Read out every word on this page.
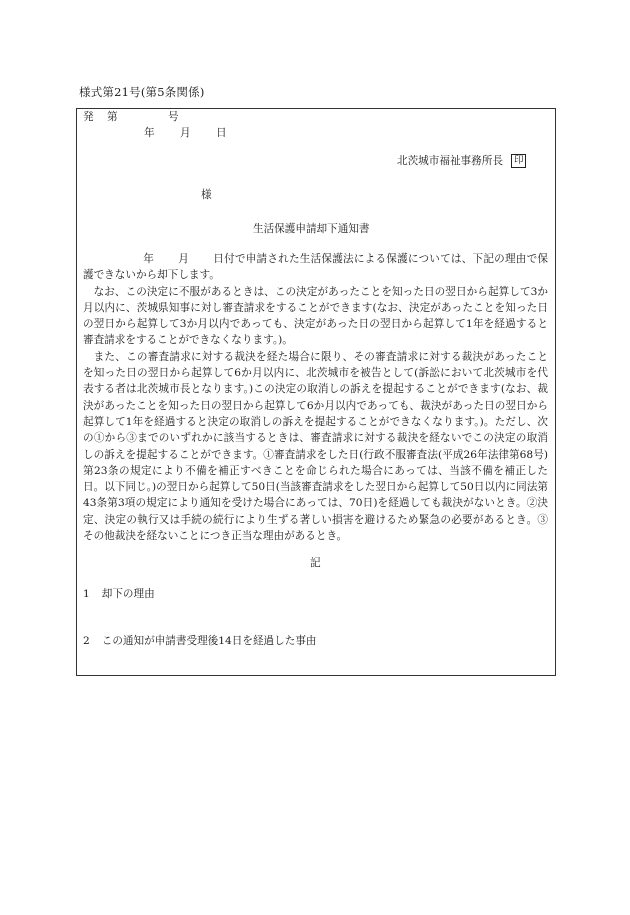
様式第21号(第5条関係)
発 第	号
年 月 日
北茨城市福祉事務所長 印
様
生活保護申請却下通知書

年 月 日付で申請された生活保護法による保護については、下記の理由で保護できないから却下します。

なお、この決定に不服があるときは、この決定があったことを知った日の翌日から起算して3か月以内に、茨城県知事に対し審査請求をすることができます(なお、決定があったことを知った日の翌日から起算して3か月以内であっても、決定があった日の翌日から起算して1年を経過すると審査請求をすることができなくなります。)。

また、この審査請求に対する裁決を経た場合に限り、その審査請求に対する裁決があったことを知った日の翌日から起算して6か月以内に、北茨城市を被告として(訴訟において北茨城市を代表する者は北茨城市長となります。)この決定の取消しの訴えを提起することができます(なお、裁決があったことを知った日の翌日から起算して6か月以内であっても、裁決があった日の翌日から起算して1年を経過すると決定の取消しの訴えを提起することができなくなります。)。ただし、次の①から③までのいずれかに該当するときは、審査請求に対する裁決を経ないでこの決定の取消しの訴えを提起することができます。①審査請求をした日(行政不服審査法(平成26年法律第68号)第23条の規定により不備を補正すべきことを命じられた場合にあっては、当該不備を補正した日。以下同じ。)の翌日から起算して50日(当該審査請求をした翌日から起算して50日以内に同法第43条第3項の規定により通知を受けた場合にあっては、70日)を経過しても裁決がないとき。②決定、決定の執行又は手続の続行により生ずる著しい損害を避けるため緊急の必要があるとき。③その他裁決を経ないことにつき正当な理由があるとき。

記
1 却下の理由
2 この通知が申請書受理後14日を経過した事由
